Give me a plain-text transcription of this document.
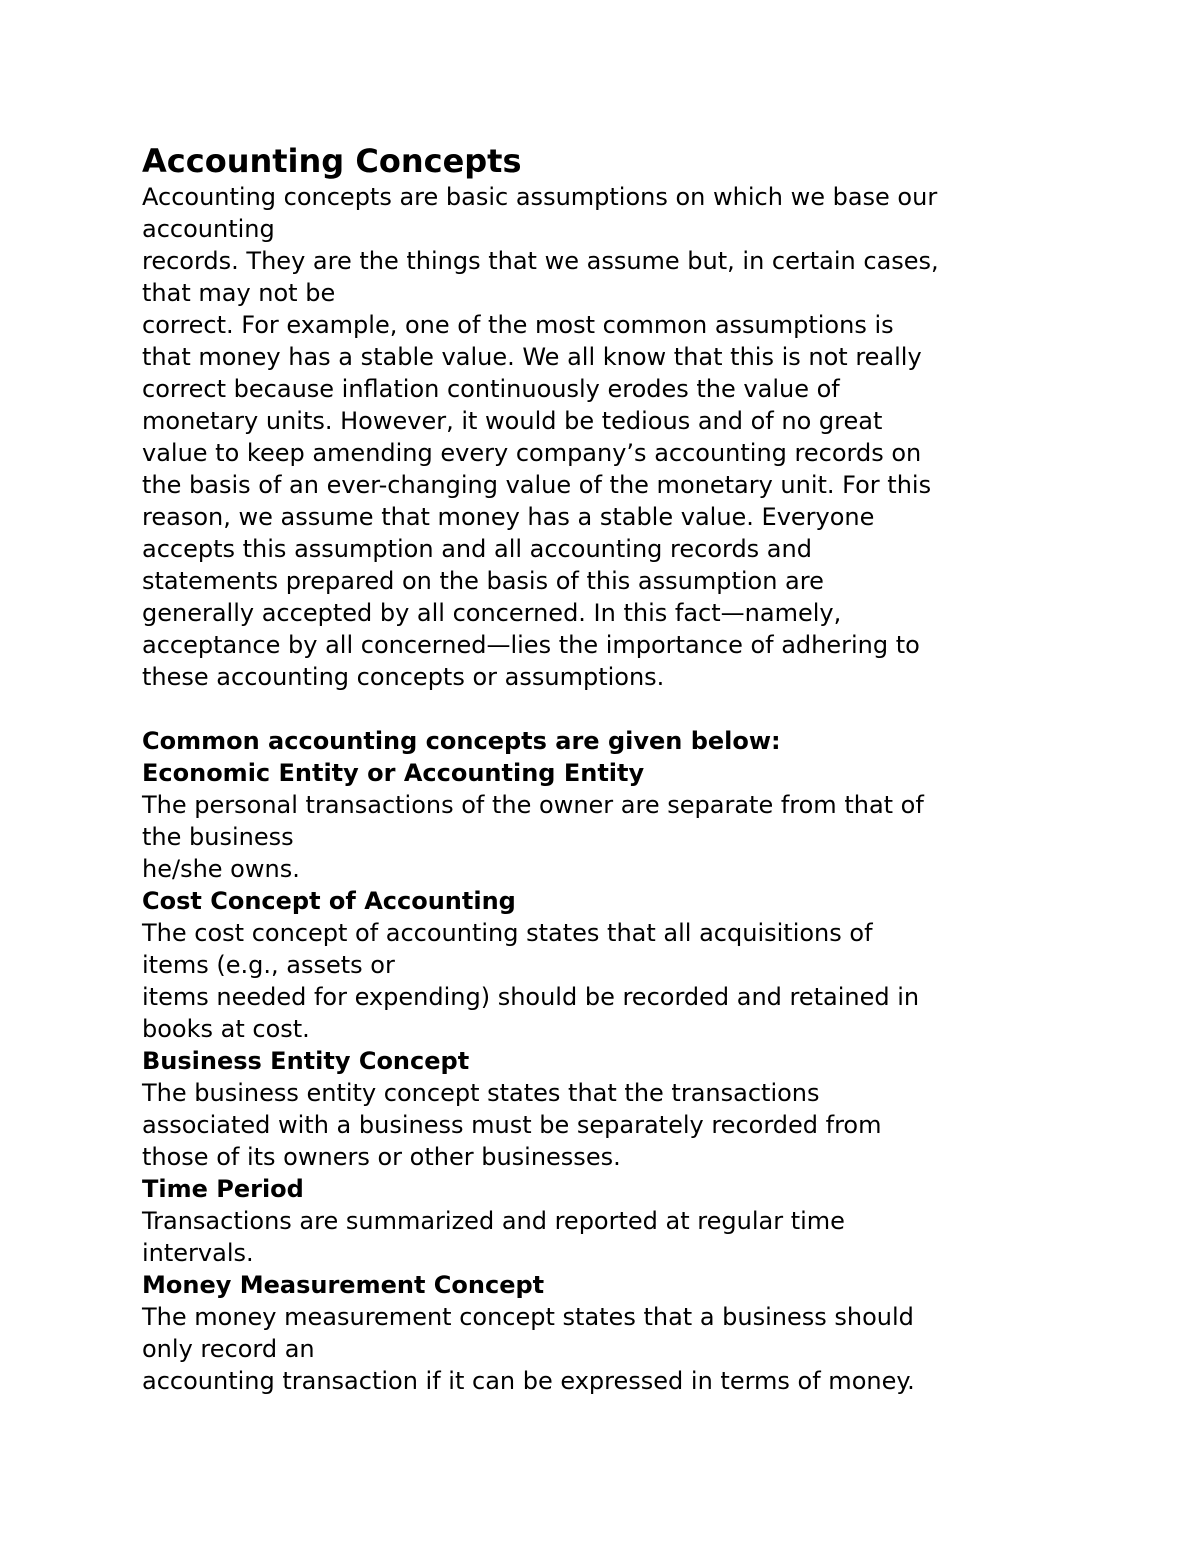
Accounting Concepts
Accounting concepts are basic assumptions on which we base our
accounting
records. They are the things that we assume but, in certain cases,
that may not be
correct. For example, one of the most common assumptions is
that money has a stable value. We all know that this is not really
correct because inflation continuously erodes the value of
monetary units. However, it would be tedious and of no great
value to keep amending every company’s accounting records on
the basis of an ever-changing value of the monetary unit. For this
reason, we assume that money has a stable value. Everyone
accepts this assumption and all accounting records and
statements prepared on the basis of this assumption are
generally accepted by all concerned. In this fact—namely,
acceptance by all concerned—lies the importance of adhering to
these accounting concepts or assumptions.
Common accounting concepts are given below:
Economic Entity or Accounting Entity
The personal transactions of the owner are separate from that of
the business
he/she owns.
Cost Concept of Accounting
The cost concept of accounting states that all acquisitions of
items (e.g., assets or
items needed for expending) should be recorded and retained in
books at cost.
Business Entity Concept
The business entity concept states that the transactions
associated with a business must be separately recorded from
those of its owners or other businesses.
Time Period
Transactions are summarized and reported at regular time
intervals.
Money Measurement Concept
The money measurement concept states that a business should
only record an
accounting transaction if it can be expressed in terms of money.
